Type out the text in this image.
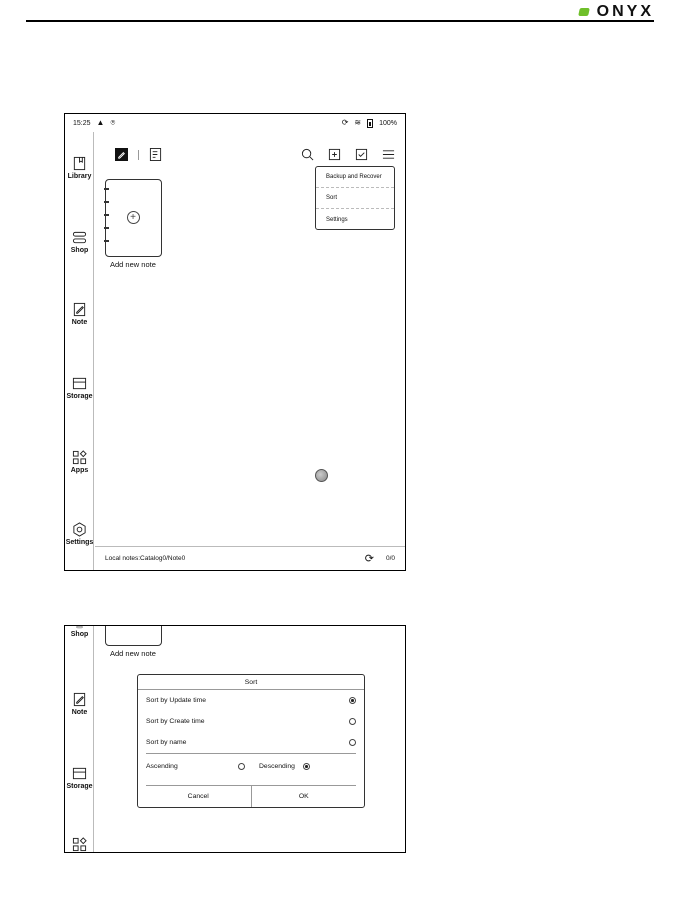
ONYX
15:25 ▲ ⍟	⟳ ≋	100%
Library
Shop
Note
Storage
Apps
Settings
Backup and Recover
Sort
Settings
+
Add new note
Local notes:Catalog0/Note0	⟳ 0/0
Shop
Note
Storage
Add new note
Sort
Sort by Update time
Sort by Create time
Sort by name
Ascending	Descending
Cancel	OK
